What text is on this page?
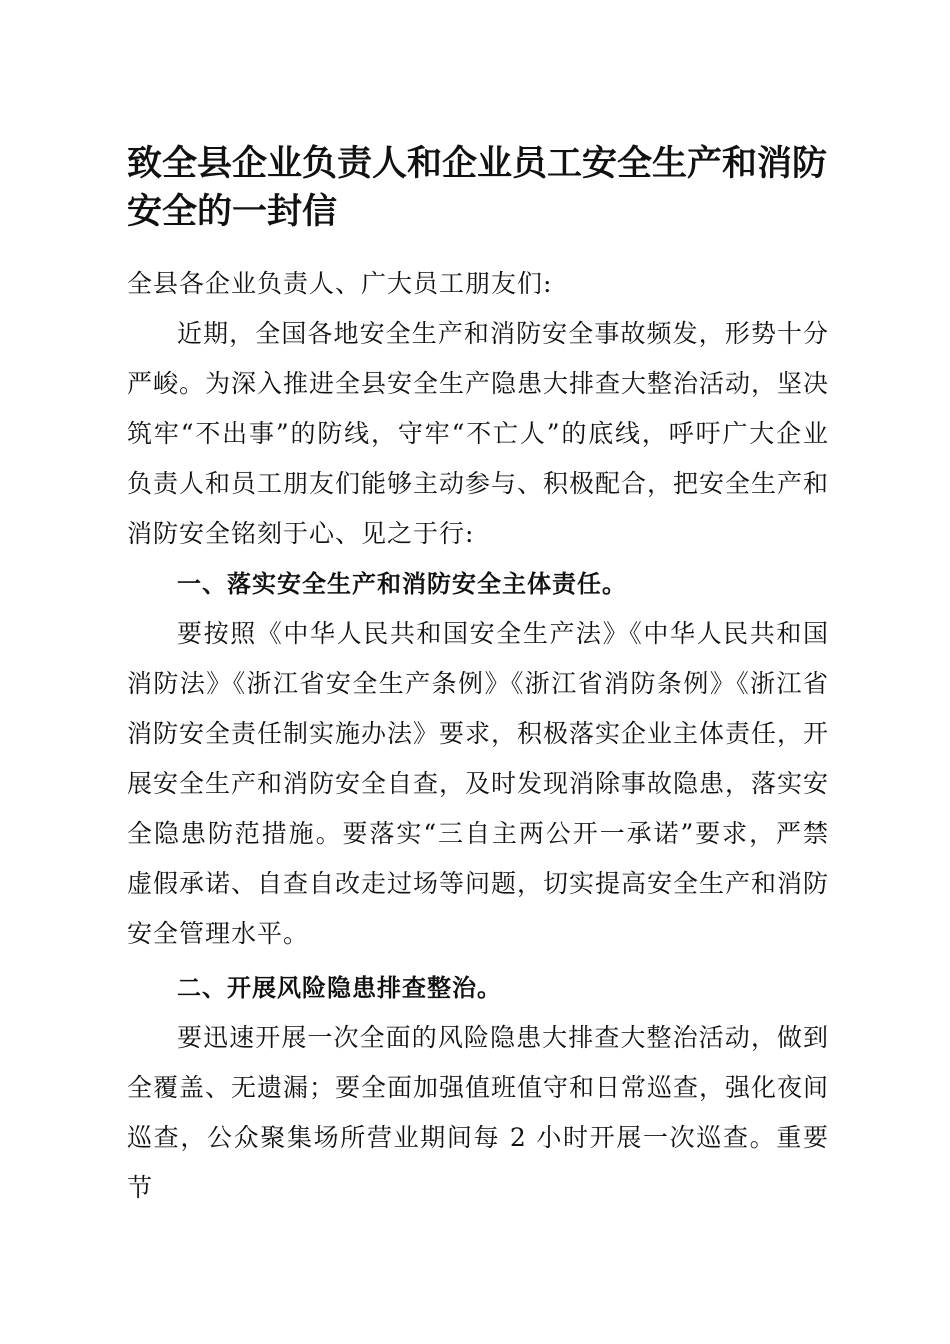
致全县企业负责人和企业员工安全生产和消防安全的一封信

全县各企业负责人、广大员工朋友们:

近期，全国各地安全生产和消防安全事故频发，形势十分严峻。为深入推进全县安全生产隐患大排查大整治活动，坚决筑牢“不出事”的防线，守牢“不亡人”的底线，呼吁广大企业负责人和员工朋友们能够主动参与、积极配合，把安全生产和消防安全铭刻于心、见之于行:

一、落实安全生产和消防安全主体责任。

要按照《中华人民共和国安全生产法》《中华人民共和国消防法》《浙江省安全生产条例》《浙江省消防条例》《浙江省消防安全责任制实施办法》要求，积极落实企业主体责任，开展安全生产和消防安全自查，及时发现消除事故隐患，落实安全隐患防范措施。要落实“三自主两公开一承诺”要求，严禁虚假承诺、自查自改走过场等问题，切实提高安全生产和消防安全管理水平。

二、开展风险隐患排查整治。

要迅速开展一次全面的风险隐患大排查大整治活动，做到全覆盖、无遗漏；要全面加强值班值守和日常巡查，强化夜间巡查，公众聚集场所营业期间每 2 小时开展一次巡查。重要节
